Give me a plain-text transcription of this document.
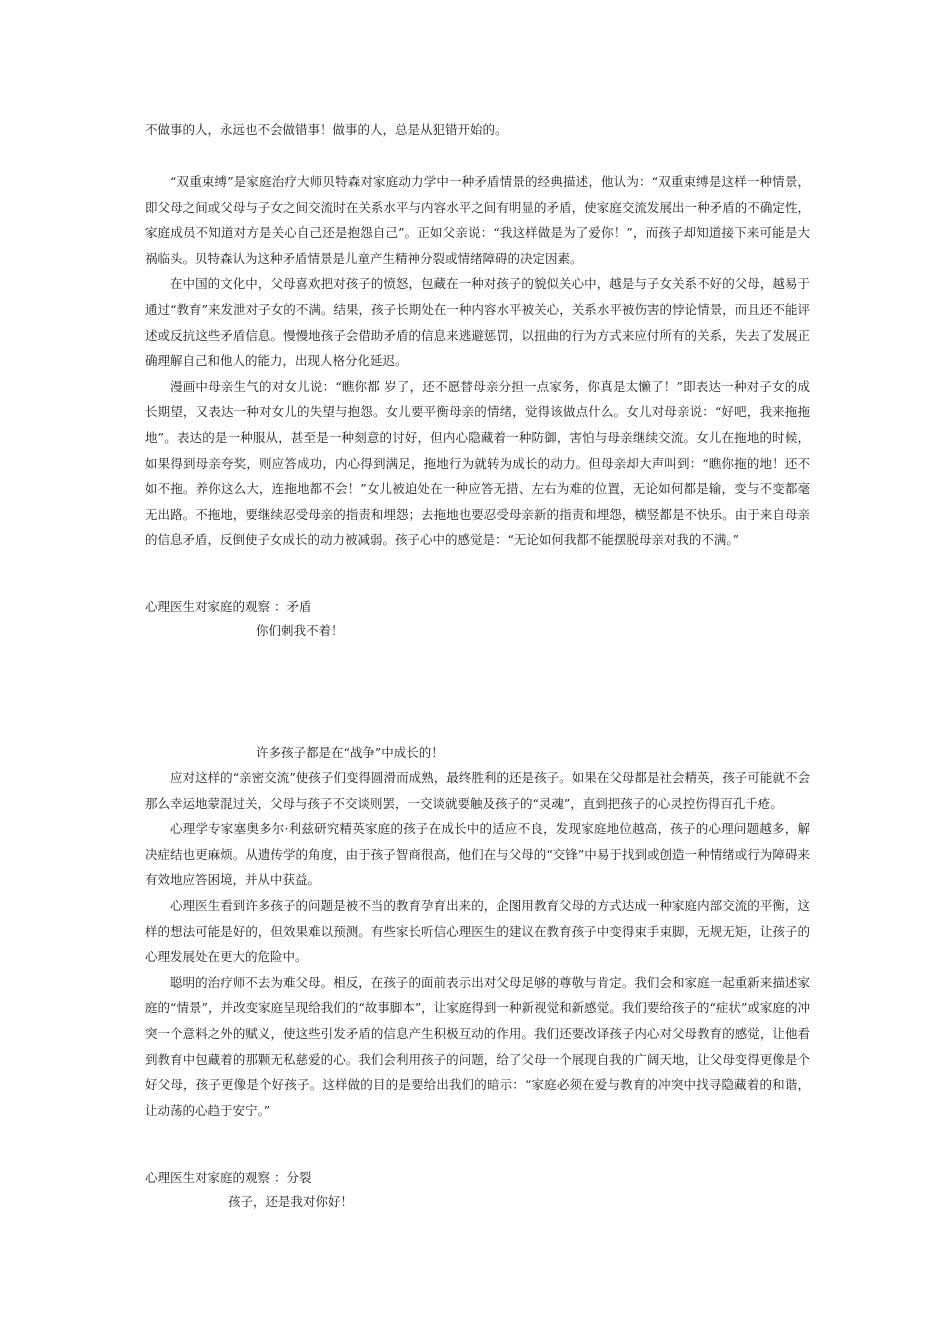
不做事的人，永远也不会做错事！做事的人，总是从犯错开始的。

“双重束缚”是家庭治疗大师贝特森对家庭动力学中一种矛盾情景的经典描述，他认为：“双重束缚是这样一种情景，即父母之间或父母与子女之间交流时在关系水平与内容水平之间有明显的矛盾，使家庭交流发展出一种矛盾的不确定性，家庭成员不知道对方是关心自己还是抱怨自己”。正如父亲说：“我这样做是为了爱你！”，而孩子却知道接下来可能是大祸临头。贝特森认为这种矛盾情景是儿童产生精神分裂或情绪障碍的决定因素。

在中国的文化中，父母喜欢把对孩子的愤怒，包藏在一种对孩子的貌似关心中，越是与子女关系不好的父母，越易于通过“教育”来发泄对子女的不满。结果，孩子长期处在一种内容水平被关心，关系水平被伤害的悖论情景，而且还不能评述或反抗这些矛盾信息。慢慢地孩子会借助矛盾的信息来逃避惩罚，以扭曲的行为方式来应付所有的关系，失去了发展正确理解自己和他人的能力，出现人格分化延迟。

漫画中母亲生气的对女儿说：“瞧你都 岁了，还不愿替母亲分担一点家务，你真是太懒了！”即表达一种对子女的成长期望，又表达一种对女儿的失望与抱怨。女儿要平衡母亲的情绪，觉得该做点什么。女儿对母亲说：“好吧，我来拖拖地”。表达的是一种服从，甚至是一种刻意的讨好，但内心隐藏着一种防御，害怕与母亲继续交流。女儿在拖地的时候，如果得到母亲夸奖，则应答成功，内心得到满足，拖地行为就转为成长的动力。但母亲却大声叫到：“瞧你拖的地！还不如不拖。养你这么大，连拖地都不会！”女儿被迫处在一种应答无措、左右为难的位置，无论如何都是输，变与不变都毫无出路。不拖地，要继续忍受母亲的指责和埋怨；去拖地也要忍受母亲新的指责和埋怨，横竖都是不快乐。由于来自母亲的信息矛盾，反倒使子女成长的动力被减弱。孩子心中的感觉是：“无论如何我都不能摆脱母亲对我的不满。”

心理医生对家庭的观察 ：矛盾
你们刺我不着！
许多孩子都是在“战争”中成长的！

应对这样的“亲密交流”使孩子们变得圆滑而成熟，最终胜利的还是孩子。如果在父母都是社会精英，孩子可能就不会那么幸运地蒙混过关，父母与孩子不交谈则罢，一交谈就要触及孩子的“灵魂”，直到把孩子的心灵控伤得百孔千疮。

心理学专家塞奥多尔·利兹研究精英家庭的孩子在成长中的适应不良，发现家庭地位越高，孩子的心理问题越多，解决症结也更麻烦。从遗传学的角度，由于孩子智商很高，他们在与父母的“交锋”中易于找到或创造一种情绪或行为障碍来有效地应答困境，并从中获益。

心理医生看到许多孩子的问题是被不当的教育孕育出来的，企图用教育父母的方式达成一种家庭内部交流的平衡，这样的想法可能是好的，但效果难以预测。有些家长听信心理医生的建议在教育孩子中变得束手束脚，无规无矩，让孩子的心理发展处在更大的危险中。

聪明的治疗师不去为难父母。相反，在孩子的面前表示出对父母足够的尊敬与肯定。我们会和家庭一起重新来描述家庭的“情景”，并改变家庭呈现给我们的“故事脚本”，让家庭得到一种新视觉和新感觉。我们要给孩子的“症状”或家庭的冲突一个意料之外的赋义，使这些引发矛盾的信息产生积极互动的作用。我们还要改译孩子内心对父母教育的感觉，让他看到教育中包藏着的那颗无私慈爱的心。我们会利用孩子的问题，给了父母一个展现自我的广阔天地，让父母变得更像是个好父母，孩子更像是个好孩子。这样做的目的是要给出我们的暗示：“家庭必须在爱与教育的冲突中找寻隐藏着的和谐，让动荡的心趋于安宁。”

心理医生对家庭的观察 ：分裂
孩子，还是我对你好！
